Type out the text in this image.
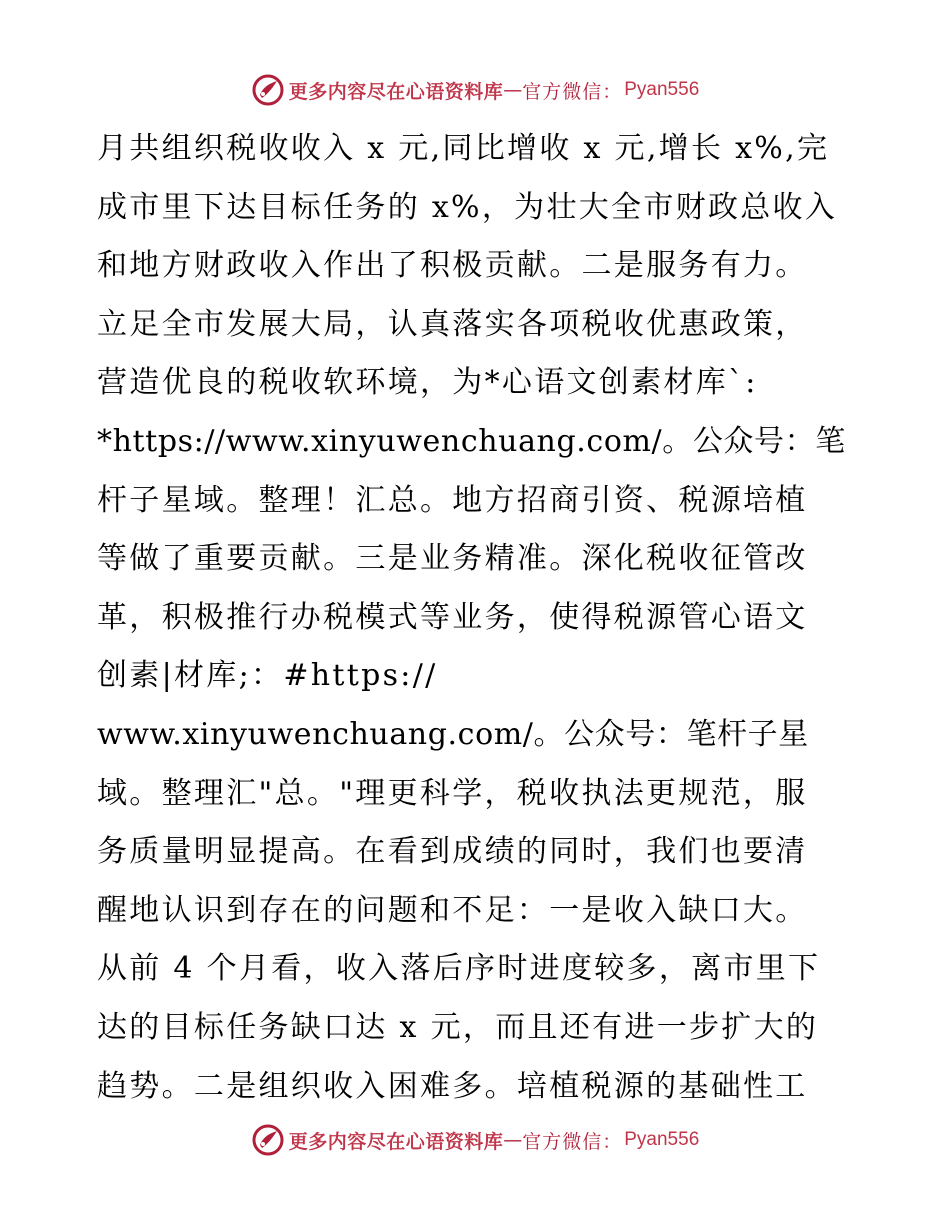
更多内容尽在心语资料库 — 官方微信： Pyan556
月共组织税收收入 x 元,同比增收 x 元,增长 x%,完
成市里下达目标任务的 x%，为壮大全市财政总收入
和地方财政收入作出了积极贡献。二是服务有力。
立足全市发展大局，认真落实各项税收优惠政策，
营造优良的税收软环境，为*心语文创素材库`:
*https://www.xinyuwenchuang.com/。公众号：笔
杆子星域。整理！汇总。地方招商引资、税源培植
等做了重要贡献。三是业务精准。深化税收征管改
革，积极推行办税模式等业务，使得税源管心语文
创素|材库;：#https://
www.xinyuwenchuang.com/。公众号：笔杆子星
域。整理汇"总。"理更科学，税收执法更规范，服
务质量明显提高。在看到成绩的同时，我们也要清
醒地认识到存在的问题和不足：一是收入缺口大。
从前 4 个月看，收入落后序时进度较多，离市里下
达的目标任务缺口达 x 元，而且还有进一步扩大的
趋势。二是组织收入困难多。培植税源的基础性工
更多内容尽在心语资料库 — 官方微信： Pyan556
